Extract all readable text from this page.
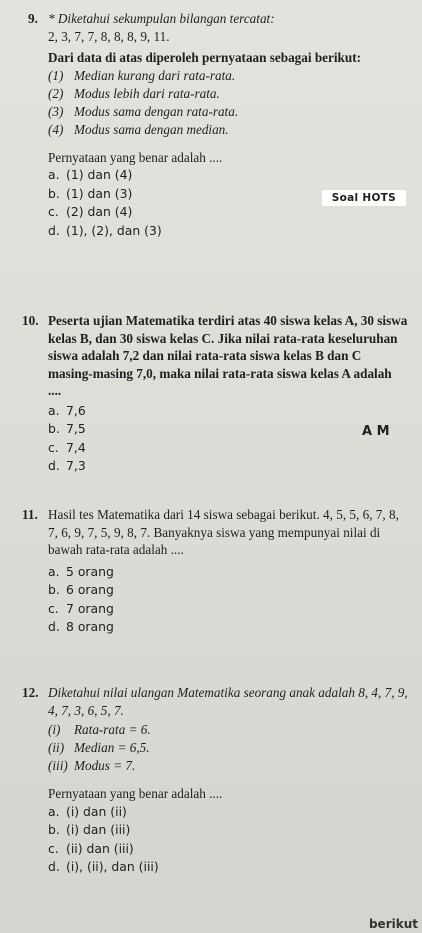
9. * Diketahui sekumpulan bilangan tercatat:

2, 3, 7, 7, 8, 8, 8, 9, 11.

Dari data di atas diperoleh pernyataan sebagai berikut:

(1) Median kurang dari rata-rata.
(2) Modus lebih dari rata-rata.
(3) Modus sama dengan rata-rata.
(4) Modus sama dengan median.

Pernyataan yang benar adalah ....

a. (1) dan (4)
b. (1) dan (3)
c. (2) dan (4)
d. (1), (2), dan (3)
Soal HOTS
10. Peserta ujian Matematika terdiri atas 40 siswa kelas A, 30 siswa kelas B, dan 30 siswa kelas C. Jika nilai rata-rata keseluruhan siswa adalah 7,2 dan nilai rata-rata siswa kelas B dan C masing-masing 7,0, maka nilai rata-rata siswa kelas A adalah ....

a. 7,6
b. 7,5
c. 7,4
d. 7,3
A M
11. Hasil tes Matematika dari 14 siswa sebagai berikut. 4, 5, 5, 6, 7, 8, 7, 6, 9, 7, 5, 9, 8, 7. Banyaknya siswa yang mempunyai nilai di bawah rata-rata adalah ....

a. 5 orang
b. 6 orang
c. 7 orang
d. 8 orang
12. Diketahui nilai ulangan Matematika seorang anak adalah 8, 4, 7, 9, 4, 7, 3, 6, 5, 7.

(i)	Rata-rata = 6.
(ii) Median = 6,5.
(iii) Modus = 7.

Pernyataan yang benar adalah ....

a. (i) dan (ii)
b. (i) dan (iii)
c. (ii) dan (iii)
d. (i), (ii), dan (iii)
berikut
